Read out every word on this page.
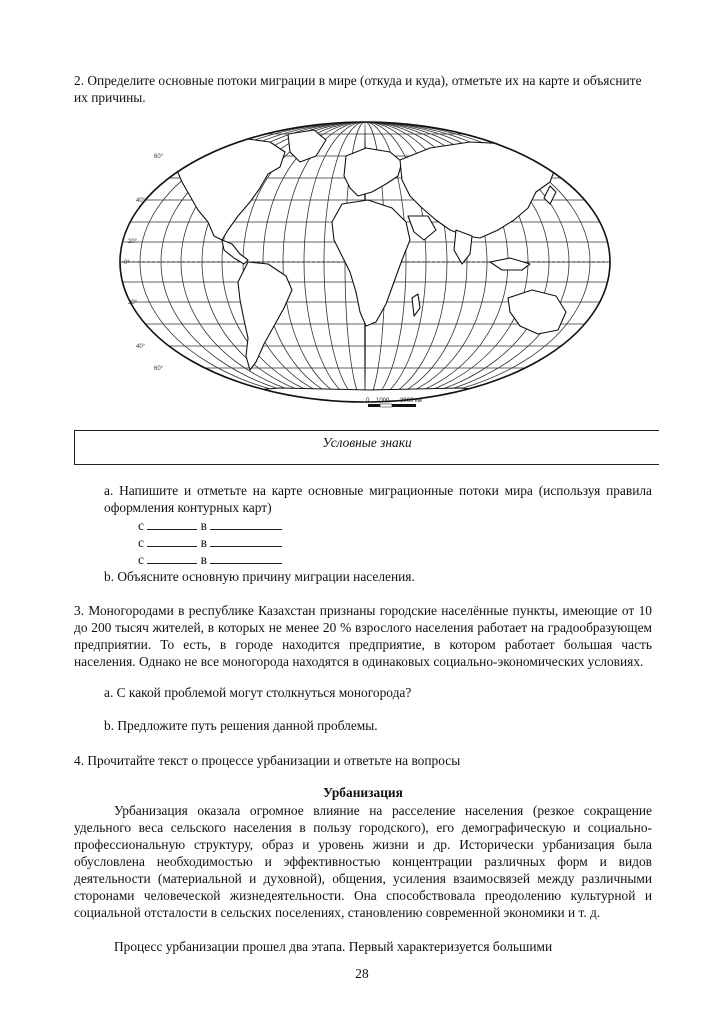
2. Определите основные потоки миграции в мире (откуда и куда), отметьте их на карте и объясните их причины.
60°
40°
20°
0°
20°
40°
60°
0 1000 3000 км
Условные знаки
a. Напишите и отметьте на карте основные миграционные потоки мира (используя правила оформления контурных карт)
с	в
с	в
с	в
b. Объясните основную причину миграции населения.
3. Моногородами в республике Казахстан признаны городские населённые пункты, имеющие от 10 до 200 тысяч жителей, в которых не менее 20 % взрослого населения работает на градообразующем предприятии. То есть, в городе находится предприятие, в котором работает большая часть населения. Однако не все моногорода находятся в одинаковых социально-экономических условиях.
a. С какой проблемой могут столкнуться моногорода?
b. Предложите путь решения данной проблемы.
4. Прочитайте текст о процессе урбанизации и ответьте на вопросы
Урбанизация
Урбанизация оказала огромное влияние на расселение населения (резкое сокращение удельного веса сельского населения в пользу городского), его демографическую и социально-профессиональную структуру, образ и уровень жизни и др. Исторически урбанизация была обусловлена необходимостью и эффективностью концентрации различных форм и видов деятельности (материальной и духовной), общения, усиления взаимосвязей между различными сторонами человеческой жизнедеятельности. Она способствовала преодолению культурной и социальной отсталости в сельских поселениях, становлению современной экономики и т. д.
Процесс урбанизации прошел два этапа. Первый характеризуется большими
28
